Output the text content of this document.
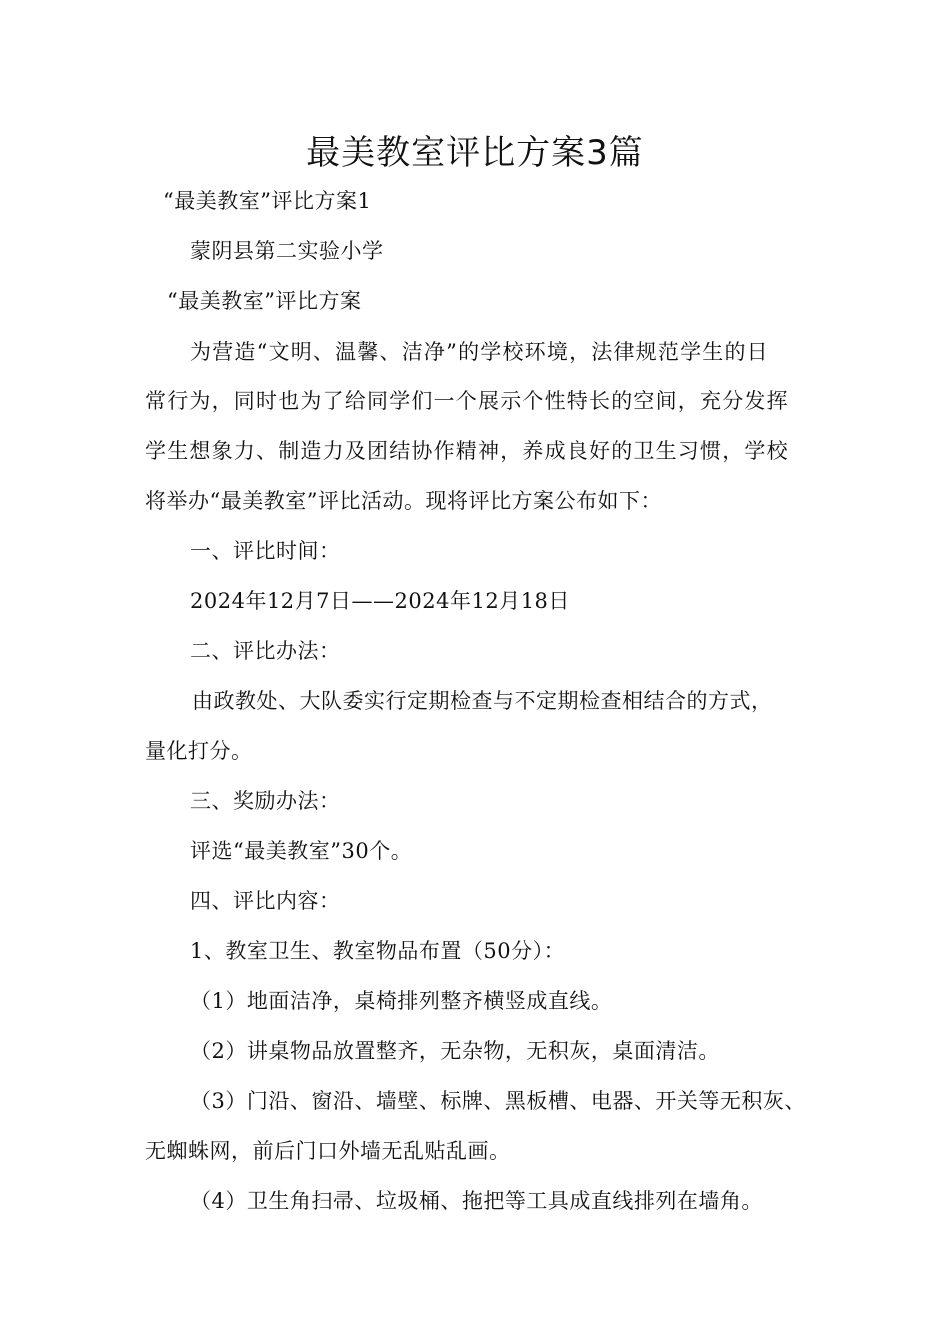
最美教室评比方案3篇

“最美教室”评比方案1

蒙阴县第二实验小学

“最美教室”评比方案

为营造“文明、温馨、洁净”的学校环境，法律规范学生的日

常行为，同时也为了给同学们一个展示个性特长的空间，充分发挥

学生想象力、制造力及团结协作精神，养成良好的卫生习惯，学校

将举办“最美教室”评比活动。现将评比方案公布如下：

一、评比时间：

2024年12月7日——2024年12月18日

二、评比办法：

由政教处、大队委实行定期检查与不定期检查相结合的方式，

量化打分。

三、奖励办法：

评选“最美教室”30个。

四、评比内容：

1、教室卫生、教室物品布置（50分）：

（1）地面洁净，桌椅排列整齐横竖成直线。

（2）讲桌物品放置整齐，无杂物，无积灰，桌面清洁。

（3）门沿、窗沿、墙壁、标牌、黑板槽、电器、开关等无积灰、

无蜘蛛网，前后门口外墙无乱贴乱画。

（4）卫生角扫帚、垃圾桶、拖把等工具成直线排列在墙角。
